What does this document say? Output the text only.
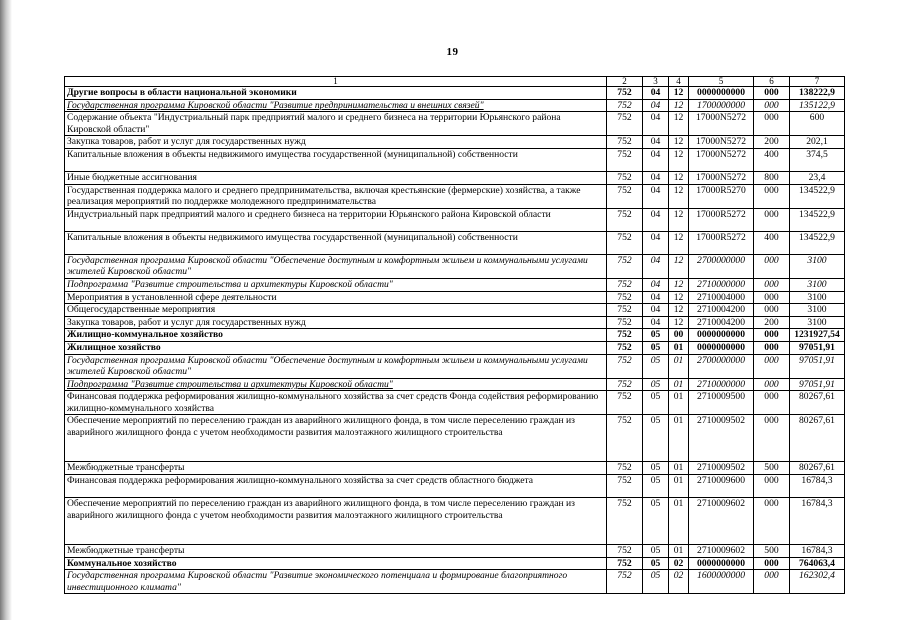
19
1	2	3	4	5	6	7
Другие вопросы в области национальной экономики	752	04	12	0000000000	000	138222,9
Государственная программа Кировской области "Развитие предпринимательства и внешних связей"	752	04	12	1700000000	000	135122,9
Содержание объекта "Индустриальный парк предприятий малого и среднего бизнеса на территории Юрьянского района Кировской области"	752	04	12	17000N5272	000	600
Закупка товаров, работ и услуг для государственных нужд	752	04	12	17000N5272	200	202,1
Капитальные вложения в объекты недвижимого имущества государственной (муниципальной) собственности	752	04	12	17000N5272	400	374,5
Иные бюджетные ассигнования	752	04	12	17000N5272	800	23,4
Государственная поддержка малого и среднего предпринимательства, включая крестьянские (фермерские) хозяйства, а также реализация мероприятий по поддержке молодежного предпринимательства	752	04	12	17000R5270	000	134522,9
Индустриальный парк предприятий малого и среднего бизнеса на территории Юрьянского района Кировской области	752	04	12	17000R5272	000	134522,9
Капитальные вложения в объекты недвижимого имущества государственной (муниципальной) собственности	752	04	12	17000R5272	400	134522,9
Государственная программа Кировской области "Обеспечение доступным и комфортным жильем и коммунальными услугами жителей Кировской области"	752	04	12	2700000000	000	3100
Подпрограмма "Развитие строительства и архитектуры Кировской области"	752	04	12	2710000000	000	3100
Мероприятия в установленной сфере деятельности	752	04	12	2710004000	000	3100
Общегосударственные мероприятия	752	04	12	2710004200	000	3100
Закупка товаров, работ и услуг для государственных нужд	752	04	12	2710004200	200	3100
Жилищно-коммунальное хозяйство	752	05	00	0000000000	000	1231927,54
Жилищное хозяйство	752	05	01	0000000000	000	97051,91
Государственная программа Кировской области "Обеспечение доступным и комфортным жильем и коммунальными услугами жителей Кировской области"	752	05	01	2700000000	000	97051,91
Подпрограмма "Развитие строительства и архитектуры Кировской области"	752	05	01	2710000000	000	97051,91
Финансовая поддержка реформирования жилищно-коммунального хозяйства за счет средств Фонда содействия реформированию жилищно-коммунального хозяйства	752	05	01	2710009500	000	80267,61
Обеспечение мероприятий по переселению граждан из аварийного жилищного фонда, в том числе переселению граждан из аварийного жилищного фонда с учетом необходимости развития малоэтажного жилищного строительства	752	05	01	2710009502	000	80267,61
Межбюджетные трансферты	752	05	01	2710009502	500	80267,61
Финансовая поддержка реформирования жилищно-коммунального хозяйства за счет средств областного бюджета	752	05	01	2710009600	000	16784,3
Обеспечение мероприятий по переселению граждан из аварийного жилищного фонда, в том числе переселению граждан из аварийного жилищного фонда с учетом необходимости развития малоэтажного жилищного строительства	752	05	01	2710009602	000	16784,3
Межбюджетные трансферты	752	05	01	2710009602	500	16784,3
Коммунальное хозяйство	752	05	02	0000000000	000	764063,4
Государственная программа Кировской области "Развитие экономического потенциала и формирование благоприятного инвестиционного климата"	752	05	02	1600000000	000	162302,4
